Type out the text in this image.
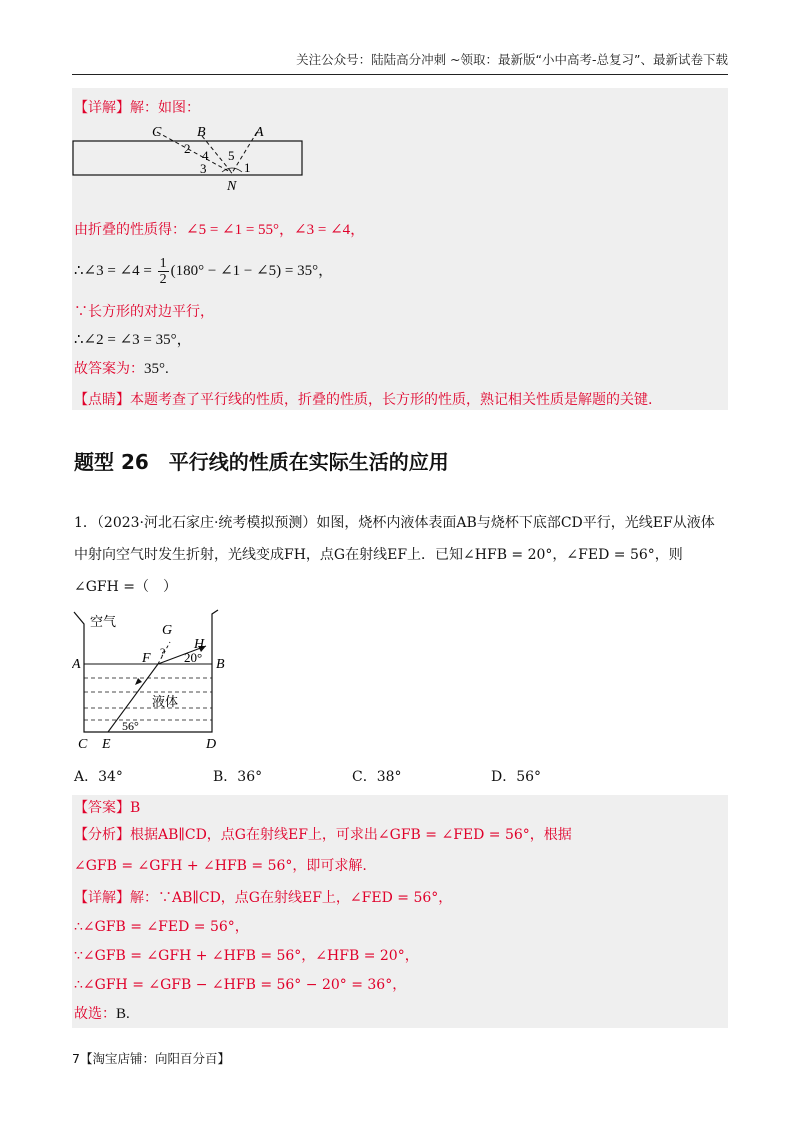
关注公众号：陆陆高分冲刺 ~领取：最新版“小中高考-总复习”、最新试卷下载
【详解】解：如图：
C	B	A
2 4 5
3	1
N
由折叠的性质得：∠5 = ∠1 = 55°，∠3 = ∠4，
∴∠3 = ∠4 = $\frac{1}{2} (180^\circ$ − ∠1 − ∠5) = 35°，
∵长方形的对边平行，
∴∠2 = ∠3 = 35°，
故答案为：35°.
【点睛】本题考查了平行线的性质，折叠的性质，长方形的性质，熟记相关性质是解题的关键.
题型 26　平行线的性质在实际生活的应用
1．（2023·河北石家庄·统考模拟预测）如图，烧杯内液体表面AB与烧杯下底部CD平行，光线EF从液体
中射向空气时发生折射，光线变成FH，点G在射线EF上．已知∠HFB = 20°，∠FED = 56°，则
∠GFH =（　）
空气
G
H
F ? 20°
A	B
液体
56°
C E	D
A．34°	B．36°	C．38°	D．56°
【答案】B
【分析】根据AB∥CD，点G在射线EF上，可求出∠GFB = ∠FED = 56°，根据
∠GFB = ∠GFH + ∠HFB = 56°，即可求解.
【详解】解：∵AB∥CD，点G在射线EF上，∠FED = 56°，
∴∠GFB = ∠FED = 56°，
∵∠GFB = ∠GFH + ∠HFB = 56°，∠HFB = 20°，
∴∠GFH = ∠GFB − ∠HFB = 56° − 20° = 36°，
故选：B.
7【淘宝店铺：向阳百分百】
